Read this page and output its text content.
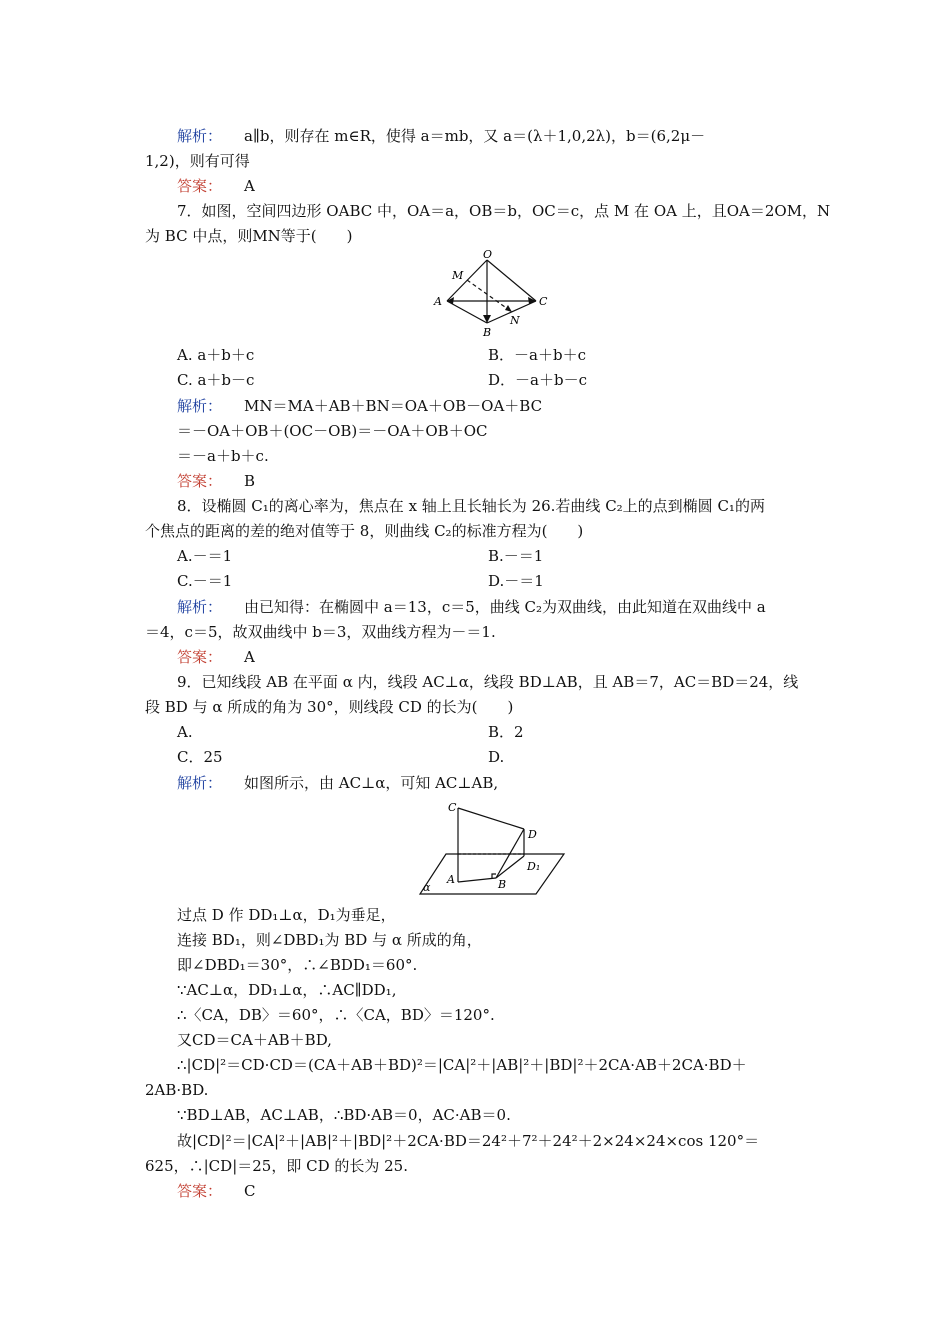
解析： a∥b，则存在 m∈R，使得 a＝mb，又 a＝(λ＋1,0,2λ)，b＝(6,2μ－
1,2)，则有可得
答案： A
7．如图，空间四边形 OABC 中，OA＝a，OB＝b，OC＝c，点 M 在 OA 上，且OA＝2OM，N
为 BC 中点，则MN等于(　　)
O
M
A
B
N
C
A. a＋b＋c	B．－a＋b＋c
C. a＋b－c	D．－a＋b－c
解析： MN＝MA＋AB＋BN＝OA＋OB－OA＋BC
＝－OA＋OB＋(OC－OB)＝－OA＋OB＋OC
＝－a＋b＋c.
答案： B
8．设椭圆 C₁的离心率为，焦点在 x 轴上且长轴长为 26.若曲线 C₂上的点到椭圆 C₁的两
个焦点的距离的差的绝对值等于 8，则曲线 C₂的标准方程为(　　)
A.－＝1	B.－＝1
C.－＝1	D.－＝1
解析： 由已知得：在椭圆中 a＝13，c＝5，曲线 C₂为双曲线，由此知道在双曲线中 a
＝4，c＝5，故双曲线中 b＝3，双曲线方程为－＝1.
答案： A
9．已知线段 AB 在平面 α 内，线段 AC⊥α，线段 BD⊥AB，且 AB＝7，AC＝BD＝24，线
段 BD 与 α 所成的角为 30°，则线段 CD 的长为(　　)
A.	B．2
C．25	D.
解析： 如图所示，由 AC⊥α，可知 AC⊥AB,
C
D
D₁
A	B
α
过点 D 作 DD₁⊥α，D₁为垂足，
连接 BD₁，则∠DBD₁为 BD 与 α 所成的角，
即∠DBD₁＝30°，∴∠BDD₁＝60°.
∵AC⊥α，DD₁⊥α，∴AC∥DD₁,
∴〈CA，DB〉＝60°，∴〈CA，BD〉＝120°.
又CD＝CA＋AB＋BD,
∴|CD|²＝CD·CD＝(CA＋AB＋BD)²＝|CA|²＋|AB|²＋|BD|²＋2CA·AB＋2CA·BD＋
2AB·BD.
∵BD⊥AB，AC⊥AB，∴BD·AB＝0，AC·AB＝0.
故|CD|²＝|CA|²＋|AB|²＋|BD|²＋2CA·BD＝24²＋7²＋24²＋2×24×24×cos 120°＝
625，∴|CD|＝25，即 CD 的长为 25.
答案： C
